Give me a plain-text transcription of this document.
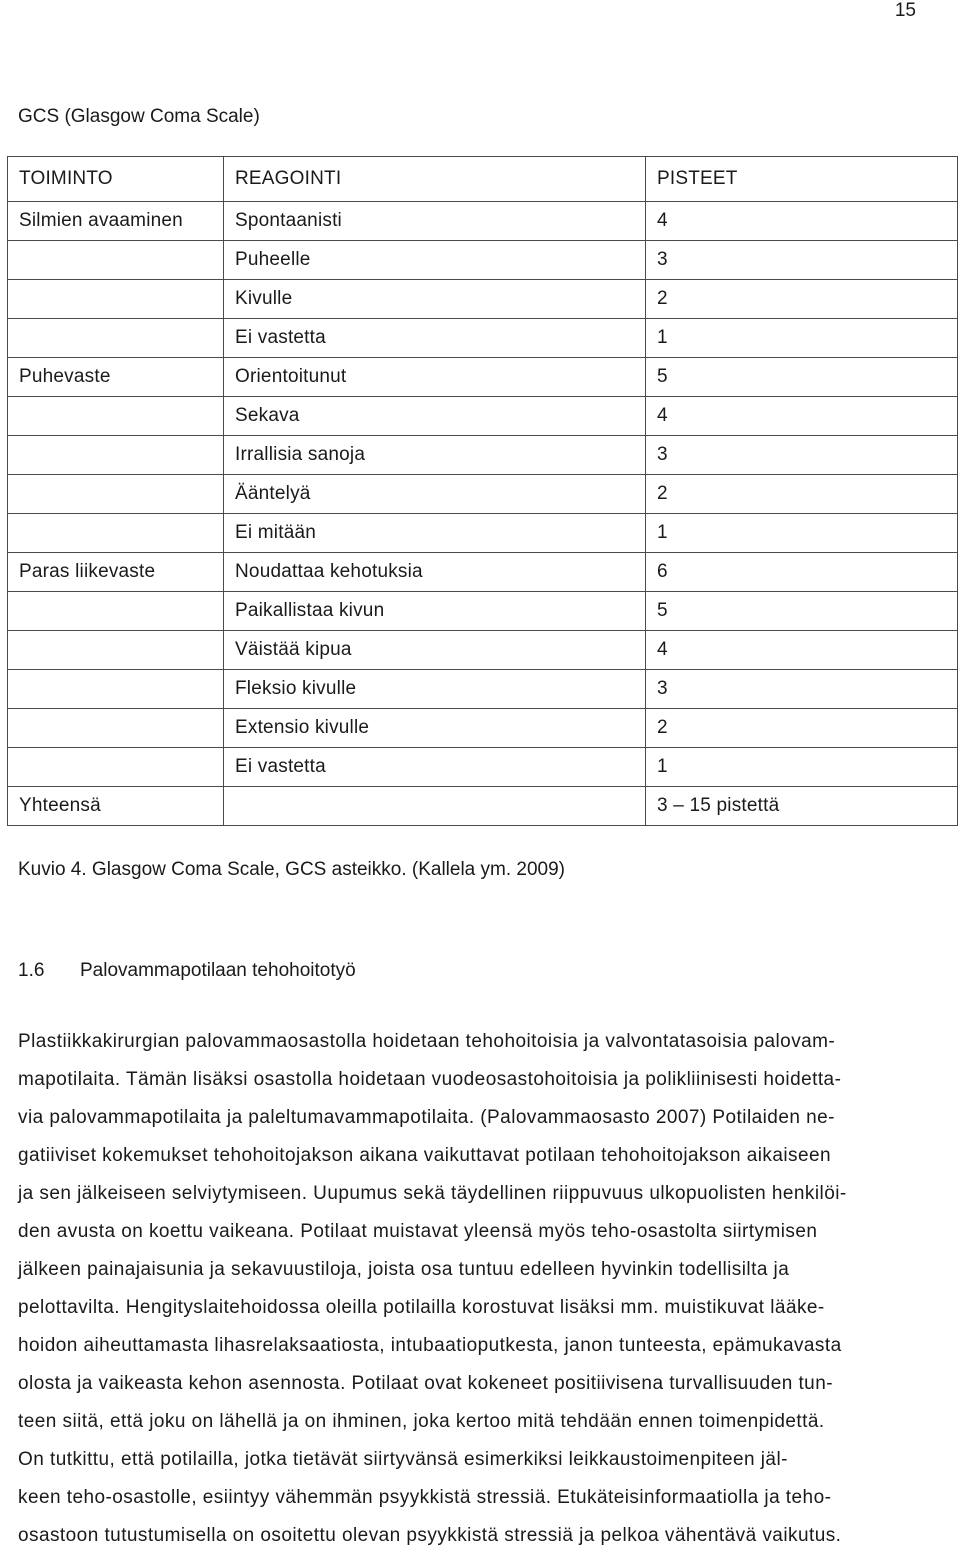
15
GCS (Glasgow Coma Scale)
TOIMINTO	REAGOINTI	PISTEET
Silmien avaaminen	Spontaanisti	4
	Puheelle	3
	Kivulle	2
	Ei vastetta	1
Puhevaste	Orientoitunut	5
	Sekava	4
	Irrallisia sanoja	3
	Ääntelyä	2
	Ei mitään	1
Paras liikevaste	Noudattaa kehotuksia	6
	Paikallistaa kivun	5
	Väistää kipua	4
	Fleksio kivulle	3
	Extensio kivulle	2
	Ei vastetta	1
Yhteensä		3 – 15 pistettä
Kuvio 4. Glasgow Coma Scale, GCS asteikko. (Kallela ym. 2009)
1.6 Palovammapotilaan tehohoitotyö
Plastiikkakirurgian palovammaosastolla hoidetaan tehohoitoisia ja valvontatasoisia palovam-
mapotilaita. Tämän lisäksi osastolla hoidetaan vuodeosastohoitoisia ja polikliinisesti hoidetta-
via palovammapotilaita ja paleltumavammapotilaita. (Palovammaosasto 2007) Potilaiden ne-
gatiiviset kokemukset tehohoitojakson aikana vaikuttavat potilaan tehohoitojakson aikaiseen
ja sen jälkeiseen selviytymiseen. Uupumus sekä täydellinen riippuvuus ulkopuolisten henkilöi-
den avusta on koettu vaikeana. Potilaat muistavat yleensä myös teho-osastolta siirtymisen
jälkeen painajaisunia ja sekavuustiloja, joista osa tuntuu edelleen hyvinkin todellisilta ja
pelottavilta. Hengityslaitehoidossa oleilla potilailla korostuvat lisäksi mm. muistikuvat lääke-
hoidon aiheuttamasta lihasrelaksaatiosta, intubaatioputkesta, janon tunteesta, epämukavasta
olosta ja vaikeasta kehon asennosta. Potilaat ovat kokeneet positiivisena turvallisuuden tun-
teen siitä, että joku on lähellä ja on ihminen, joka kertoo mitä tehdään ennen toimenpidettä.
On tutkittu, että potilailla, jotka tietävät siirtyvänsä esimerkiksi leikkaustoimenpiteen jäl-
keen teho-osastolle, esiintyy vähemmän psyykkistä stressiä. Etukäteisinformaatiolla ja teho-
osastoon tutustumisella on osoitettu olevan psyykkistä stressiä ja pelkoa vähentävä vaikutus.
